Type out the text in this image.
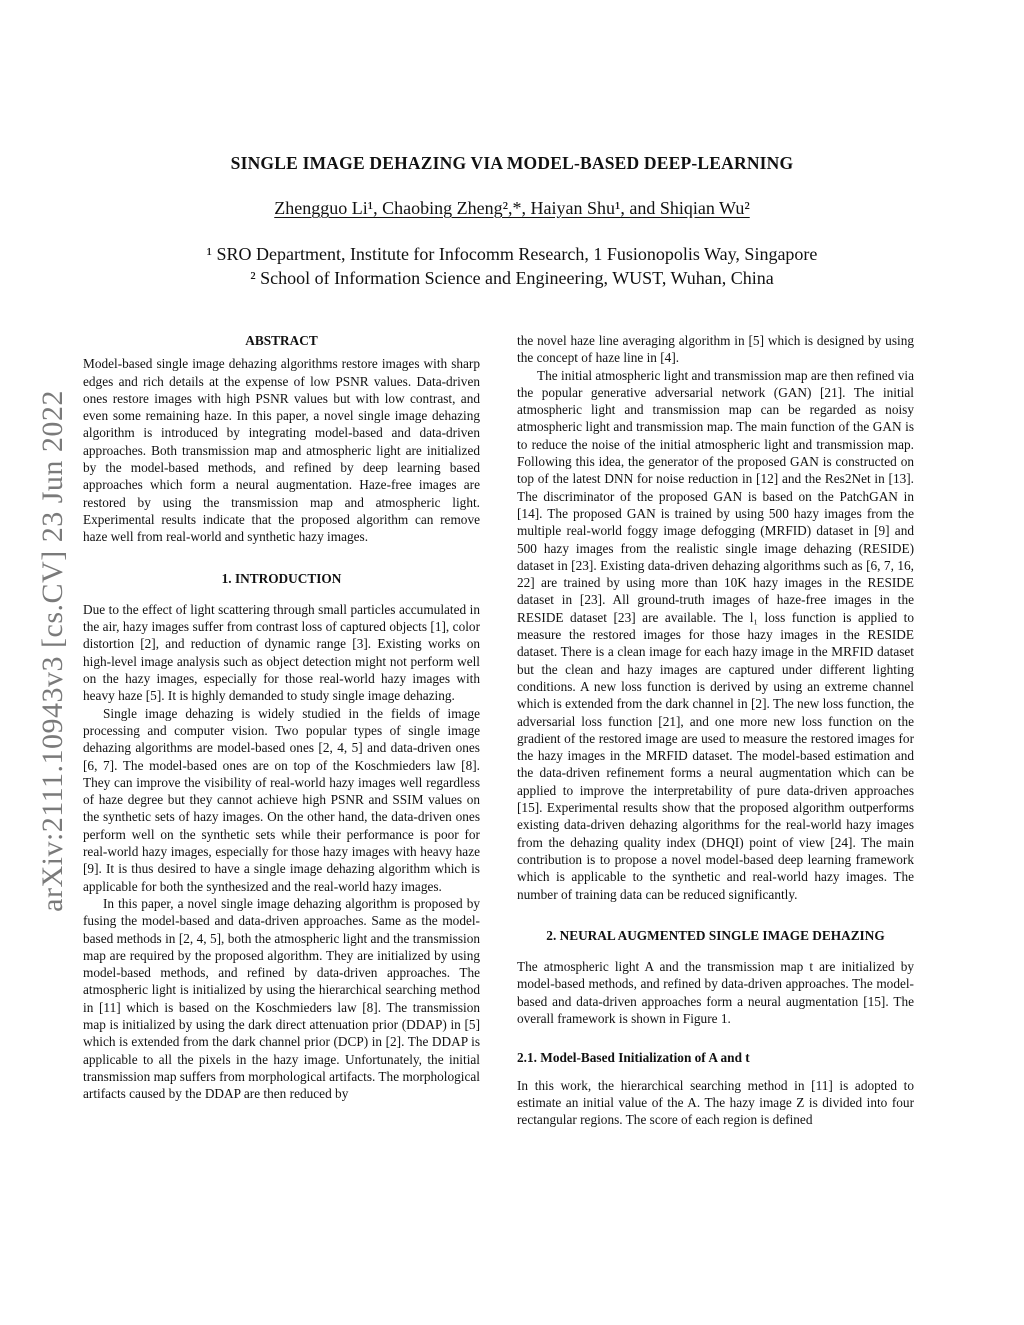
arXiv:2111.10943v3 [cs.CV] 23 Jun 2022
SINGLE IMAGE DEHAZING VIA MODEL-BASED DEEP-LEARNING
Zhengguo Li¹, Chaobing Zheng²,*, Haiyan Shu¹, and Shiqian Wu²
¹ SRO Department, Institute for Infocomm Research, 1 Fusionopolis Way, Singapore
² School of Information Science and Engineering, WUST, Wuhan, China
ABSTRACT

Model-based single image dehazing algorithms restore images with sharp edges and rich details at the expense of low PSNR values. Data-driven ones restore images with high PSNR values but with low contrast, and even some remaining haze. In this paper, a novel single image dehazing algorithm is introduced by integrating model-based and data-driven approaches. Both transmission map and atmospheric light are initialized by the model-based methods, and refined by deep learning based approaches which form a neural augmentation. Haze-free images are restored by using the transmission map and atmospheric light. Experimental results indicate that the proposed algorithm can remove haze well from real-world and synthetic hazy images.

1. INTRODUCTION

Due to the effect of light scattering through small particles accumulated in the air, hazy images suffer from contrast loss of captured objects [1], color distortion [2], and reduction of dynamic range [3]. Existing works on high-level image analysis such as object detection might not perform well on the hazy images, especially for those real-world hazy images with heavy haze [5]. It is highly demanded to study single image dehazing.

Single image dehazing is widely studied in the fields of image processing and computer vision. Two popular types of single image dehazing algorithms are model-based ones [2, 4, 5] and data-driven ones [6, 7]. The model-based ones are on top of the Koschmieders law [8]. They can improve the visibility of real-world hazy images well regardless of haze degree but they cannot achieve high PSNR and SSIM values on the synthetic sets of hazy images. On the other hand, the data-driven ones perform well on the synthetic sets while their performance is poor for real-world hazy images, especially for those hazy images with heavy haze [9]. It is thus desired to have a single image dehazing algorithm which is applicable for both the synthesized and the real-world hazy images.

In this paper, a novel single image dehazing algorithm is proposed by fusing the model-based and data-driven approaches. Same as the model-based methods in [2, 4, 5], both the atmospheric light and the transmission map are required by the proposed algorithm. They are initialized by using model-based methods, and refined by data-driven approaches. The atmospheric light is initialized by using the hierarchical searching method in [11] which is based on the Koschmieders law [8]. The transmission map is initialized by using the dark direct attenuation prior (DDAP) in [5] which is extended from the dark channel prior (DCP) in [2]. The DDAP is applicable to all the pixels in the hazy image. Unfortunately, the initial transmission map suffers from morphological artifacts. The morphological artifacts caused by the DDAP are then reduced by

the novel haze line averaging algorithm in [5] which is designed by using the concept of haze line in [4].

The initial atmospheric light and transmission map are then refined via the popular generative adversarial network (GAN) [21]. The initial atmospheric light and transmission map can be regarded as noisy atmospheric light and transmission map. The main function of the GAN is to reduce the noise of the initial atmospheric light and transmission map. Following this idea, the generator of the proposed GAN is constructed on top of the latest DNN for noise reduction in [12] and the Res2Net in [13]. The discriminator of the proposed GAN is based on the PatchGAN in [14]. The proposed GAN is trained by using 500 hazy images from the multiple real-world foggy image defogging (MRFID) dataset in [9] and 500 hazy images from the realistic single image dehazing (RESIDE) dataset in [23]. Existing data-driven dehazing algorithms such as [6, 7, 16, 22] are trained by using more than 10K hazy images in the RESIDE dataset in [23]. All ground-truth images of haze-free images in the RESIDE dataset [23] are available. The l₁ loss function is applied to measure the restored images for those hazy images in the RESIDE dataset. There is a clean image for each hazy image in the MRFID dataset but the clean and hazy images are captured under different lighting conditions. A new loss function is derived by using an extreme channel which is extended from the dark channel in [2]. The new loss function, the adversarial loss function [21], and one more new loss function on the gradient of the restored image are used to measure the restored images for the hazy images in the MRFID dataset. The model-based estimation and the data-driven refinement forms a neural augmentation which can be applied to improve the interpretability of pure data-driven approaches [15]. Experimental results show that the proposed algorithm outperforms existing data-driven dehazing algorithms for the real-world hazy images from the dehazing quality index (DHQI) point of view [24]. The main contribution is to propose a novel model-based deep learning framework which is applicable to the synthetic and real-world hazy images. The number of training data can be reduced significantly.

2. NEURAL AUGMENTED SINGLE IMAGE DEHAZING

The atmospheric light A and the transmission map t are initialized by model-based methods, and refined by data-driven approaches. The model-based and data-driven approaches form a neural augmentation [15]. The overall framework is shown in Figure 1.

2.1. Model-Based Initialization of A and t

In this work, the hierarchical searching method in [11] is adopted to estimate an initial value of the A. The hazy image Z is divided into four rectangular regions. The score of each region is defined
